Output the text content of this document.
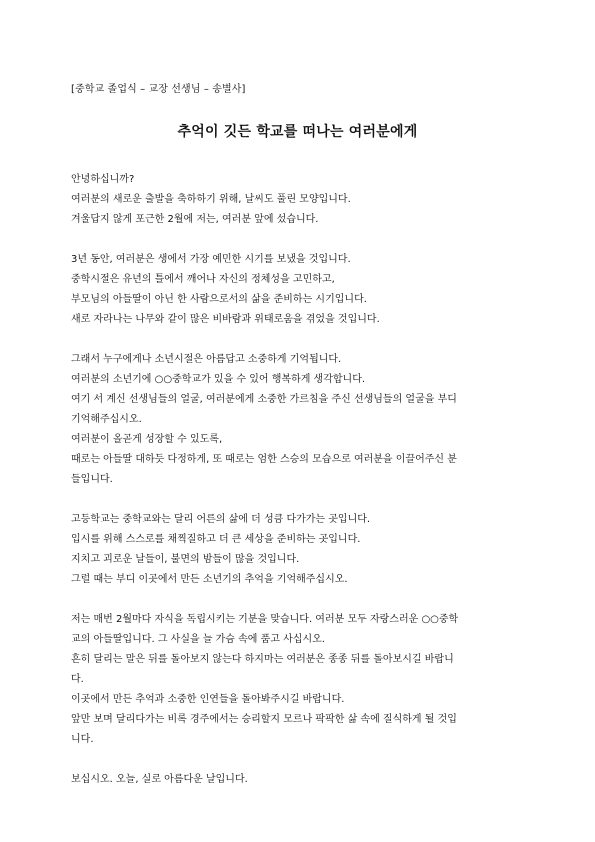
[중학교 졸업식 – 교장 선생님 – 송별사]
추억이 깃든 학교를 떠나는 여러분에게
안녕하십니까?
여러분의 새로운 출발을 축하하기 위해, 날씨도 풀린 모양입니다.
겨울답지 않게 포근한 2월에 저는, 여러분 앞에 섰습니다.
3년 동안, 여러분은 생에서 가장 예민한 시기를 보냈을 것입니다.
중학시절은 유년의 틀에서 깨어나 자신의 정체성을 고민하고,
부모님의 아들딸이 아닌 한 사람으로서의 삶을 준비하는 시기입니다.
새로 자라나는 나무와 같이 많은 비바람과 위태로움을 겪었을 것입니다.
그래서 누구에게나 소년시절은 아름답고 소중하게 기억됩니다.
여러분의 소년기에 ○○중학교가 있을 수 있어 행복하게 생각합니다.
여기 서 계신 선생님들의 얼굴, 여러분에게 소중한 가르침을 주신 선생님들의 얼굴을 부디
기억해주십시오.
여러분이 올곧게 성장할 수 있도록,
때로는 아들딸 대하듯 다정하게, 또 때로는 엄한 스승의 모습으로 여러분을 이끌어주신 분
들입니다.
고등학교는 중학교와는 달리 어른의 삶에 더 성큼 다가가는 곳입니다.
입시를 위해 스스로를 채찍질하고 더 큰 세상을 준비하는 곳입니다.
지치고 괴로운 날들이, 불면의 밤들이 많을 것입니다.
그럴 때는 부디 이곳에서 만든 소년기의 추억을 기억해주십시오.
저는 매번 2월마다 자식을 독립시키는 기분을 맞습니다. 여러분 모두 자랑스러운 ○○중학
교의 아들딸입니다. 그 사실을 늘 가슴 속에 품고 사십시오.
흔히 달리는 말은 뒤를 돌아보지 않는다 하지마는 여러분은 종종 뒤를 돌아보시길 바랍니
다.
이곳에서 만든 추억과 소중한 인연들을 돌아봐주시길 바랍니다.
앞만 보며 달리다가는 비록 경주에서는 승리할지 모르나 팍팍한 삶 속에 질식하게 될 것입
니다.
보십시오. 오늘, 실로 아름다운 날입니다.
